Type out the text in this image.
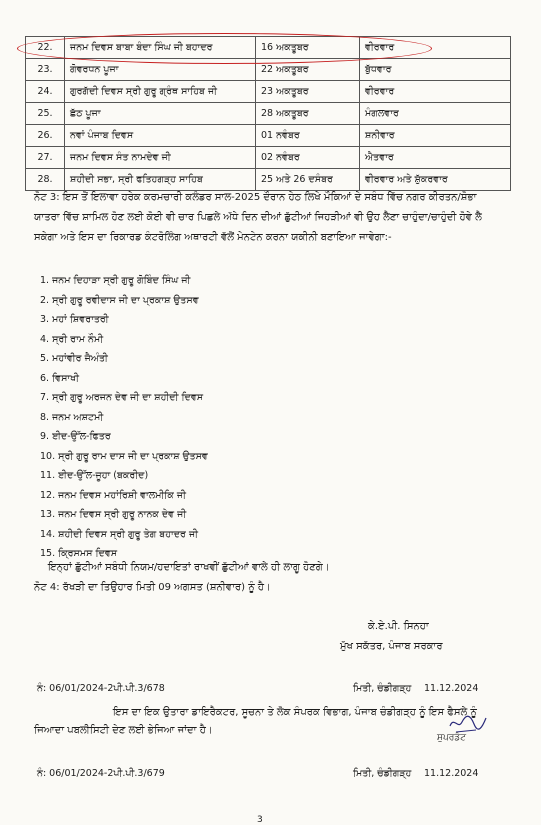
22.	ਜਨਮ ਦਿਵਸ ਬਾਬਾ ਬੰਦਾ ਸਿੰਘ ਜੀ ਬਹਾਦਰ	16 ਅਕਤੂਬਰ	ਵੀਰਵਾਰ
23.	ਗੋਵਰਧਨ ਪੂਜਾ	22 ਅਕਤੂਬਰ	ਬੁੱਧਵਾਰ
24.	ਗੁਰਗੱਦੀ ਦਿਵਸ ਸ੍ਰੀ ਗੁਰੂ ਗ੍ਰੰਥ ਸਾਹਿਬ ਜੀ	23 ਅਕਤੂਬਰ	ਵੀਰਵਾਰ
25.	ਛੱਠ ਪੂਜਾ	28 ਅਕਤੂਬਰ	ਮੰਗਲਵਾਰ
26.	ਨਵਾਂ ਪੰਜਾਬ ਦਿਵਸ	01 ਨਵੰਬਰ	ਸ਼ਨੀਵਾਰ
27.	ਜਨਮ ਦਿਵਸ ਸੰਤ ਨਾਮਦੇਵ ਜੀ	02 ਨਵੰਬਰ	ਐਤਵਾਰ
28.	ਸ਼ਹੀਦੀ ਸਭਾ, ਸ੍ਰੀ ਫਤਿਹਗੜ੍ਹ ਸਾਹਿਬ	25 ਅਤੇ 26 ਦਸੰਬਰ	ਵੀਰਵਾਰ ਅਤੇ ਸ਼ੁੱਕਰਵਾਰ

ਨੋਟ 3: ਇਸ ਤੋਂ ਇਲਾਵਾ ਹਰੇਕ ਕਰਮਚਾਰੀ ਕਲੰਡਰ ਸਾਲ-2025 ਦੌਰਾਨ ਹੇਠ ਲਿਖੇ ਮੌਕਿਆਂ ਦੇ ਸਬੰਧ ਵਿੱਚ ਨਗਰ ਕੀਰਤਨ/ਸ਼ੋਭਾ ਯਾਤਰਾ ਵਿੱਚ ਸ਼ਾਮਿਲ ਹੋਣ ਲਈ ਕੋਈ ਵੀ ਚਾਰ ਪਿਛਲੇ ਅੱਧੇ ਦਿਨ ਦੀਆਂ ਛੁੱਟੀਆਂ ਜਿਹੜੀਆਂ ਵੀ ਉਹ ਲੈਣਾ ਚਾਹੁੰਦਾ/ਚਾਹੁੰਦੀ ਹੋਵੇ ਲੈ ਸਕੇਗਾ ਅਤੇ ਇਸ ਦਾ ਰਿਕਾਰਡ ਕੰਟਰੋਲਿੰਗ ਅਥਾਰਟੀ ਵੱਲੋਂ ਮੇਨਟੇਨ ਕਰਨਾ ਯਕੀਨੀ ਬਣਾਇਆ ਜਾਵੇਗਾ:-

1. ਜਨਮ ਦਿਹਾੜਾ ਸ੍ਰੀ ਗੁਰੂ ਗੋਬਿੰਦ ਸਿੰਘ ਜੀ
2. ਸ੍ਰੀ ਗੁਰੂ ਰਵੀਦਾਸ ਜੀ ਦਾ ਪ੍ਰਕਾਸ਼ ਉਤਸਵ
3. ਮਹਾਂ ਸ਼ਿਵਰਾਤਰੀ
4. ਸ੍ਰੀ ਰਾਮ ਨੌਮੀ
5. ਮਹਾਂਵੀਰ ਜੈਅੰਤੀ
6. ਵਿਸਾਖੀ
7. ਸ੍ਰੀ ਗੁਰੂ ਅਰਜਨ ਦੇਵ ਜੀ ਦਾ ਸ਼ਹੀਦੀ ਦਿਵਸ
8. ਜਨਮ ਅਸ਼ਟਮੀ
9. ਈਦ-ਉੱਲ-ਫਿਤਰ
10. ਸ੍ਰੀ ਗੁਰੂ ਰਾਮ ਦਾਸ ਜੀ ਦਾ ਪ੍ਰਕਾਸ਼ ਉਤਸਵ
11. ਈਦ-ਉੱਲ-ਜੂਹਾ (ਬਕਰੀਦ)
12. ਜਨਮ ਦਿਵਸ ਮਹਾਂਰਿਸ਼ੀ ਵਾਲਮੀਕਿ ਜੀ
13. ਜਨਮ ਦਿਵਸ ਸ੍ਰੀ ਗੁਰੂ ਨਾਨਕ ਦੇਵ ਜੀ
14. ਸ਼ਹੀਦੀ ਦਿਵਸ ਸ੍ਰੀ ਗੁਰੂ ਤੇਗ ਬਹਾਦਰ ਜੀ
15. ਕ੍ਰਿਸਮਸ ਦਿਵਸ
ਇਨ੍ਹਾਂ ਛੁੱਟੀਆਂ ਸਬੰਧੀ ਨਿਯਮ/ਹਦਾਇਤਾਂ ਰਾਖਵੀਂ ਛੁੱਟੀਆਂ ਵਾਲੇ ਹੀ ਲਾਗੂ ਹੋਣਗੇ।
ਨੋਟ 4: ਰੱਖੜੀ ਦਾ ਤਿਉਹਾਰ ਮਿਤੀ 09 ਅਗਸਤ (ਸ਼ਨੀਵਾਰ) ਨੂੰ ਹੈ।
ਕੇ.ਏ.ਪੀ. ਸਿਨਹਾ
ਮੁੱਖ ਸਕੱਤਰ, ਪੰਜਾਬ ਸਰਕਾਰ
ਨੰ: 06/01/2024-2ਪੀ.ਪੀ.3/678	ਮਿਤੀ, ਚੰਡੀਗੜ੍ਹ 11.12.2024

ਇਸ ਦਾ ਇਕ ਉਤਾਰਾ ਡਾਇਰੈਕਟਰ, ਸੂਚਨਾ ਤੇ ਲੋਕ ਸੰਪਰਕ ਵਿਭਾਗ, ਪੰਜਾਬ ਚੰਡੀਗੜ੍ਹ ਨੂੰ ਇਸ ਫੈਸਲੇ ਨੂੰ ਜਿਆਦਾ ਪਬਲੀਸਿਟੀ ਦੇਣ ਲਈ ਭੇਜਿਆ ਜਾਂਦਾ ਹੈ।

ਸੁਪਰਡੰਟ
ਨੰ: 06/01/2024-2ਪੀ.ਪੀ.3/679	ਮਿਤੀ, ਚੰਡੀਗੜ੍ਹ 11.12.2024
3
